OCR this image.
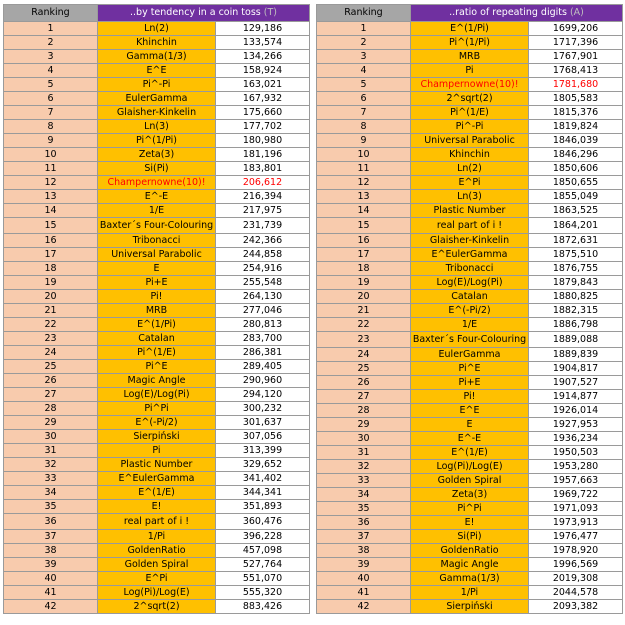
Ranking	..by tendency in a coin toss (T)	
1	Ln(2)	129,186
2	Khinchin	133,574
3	Gamma(1/3)	134,266
4	E^E	158,924
5	Pi^-Pi	163,021
6	EulerGamma	167,932
7	Glaisher-Kinkelin	175,660
8	Ln(3)	177,702
9	Pi^(1/Pi)	180,980
10	Zeta(3)	181,196
11	Si(Pi)	183,801
12	Champernowne(10)!	206,612
13	E^-E	216,394
14	1/E	217,975
15	Baxter´s Four-Colouring	231,739
16	Tribonacci	242,366
17	Universal Parabolic	244,858
18	E	254,916
19	Pi+E	255,548
20	Pi!	264,130
21	MRB	277,046
22	E^(1/Pi)	280,813
23	Catalan	283,700
24	Pi^(1/E)	286,381
25	Pi^E	289,405
26	Magic Angle	290,960
27	Log(E)/Log(Pi)	294,120
28	Pi^Pi	300,232
29	E^(-Pi/2)	301,637
30	Sierpiński	307,056
31	Pi	313,399
32	Plastic Number	329,652
33	E^EulerGamma	341,402
34	E^(1/E)	344,341
35	E!	351,893
36	real part of i !	360,476
37	1/Pi	396,228
38	GoldenRatio	457,098
39	Golden Spiral	527,764
40	E^Pi	551,070
41	Log(Pi)/Log(E)	555,320
42	2^sqrt(2)	883,426
Ranking	..ratio of repeating digits (A)	
1	E^(1/Pi)	1699,206
2	Pi^(1/Pi)	1717,396
3	MRB	1767,901
4	Pi	1768,413
5	Champernowne(10)!	1781,680
6	2^sqrt(2)	1805,583
7	Pi^(1/E)	1815,376
8	Pi^-Pi	1819,824
9	Universal Parabolic	1846,039
10	Khinchin	1846,296
11	Ln(2)	1850,606
12	E^Pi	1850,655
13	Ln(3)	1855,049
14	Plastic Number	1863,525
15	real part of i !	1864,201
16	Glaisher-Kinkelin	1872,631
17	E^EulerGamma	1875,510
18	Tribonacci	1876,755
19	Log(E)/Log(Pi)	1879,843
20	Catalan	1880,825
21	E^(-Pi/2)	1882,315
22	1/E	1886,798
23	Baxter´s Four-Colouring	1889,088
24	EulerGamma	1889,839
25	Pi^E	1904,817
26	Pi+E	1907,527
27	Pi!	1914,877
28	E^E	1926,014
29	E	1927,953
30	E^-E	1936,234
31	E^(1/E)	1950,503
32	Log(Pi)/Log(E)	1953,280
33	Golden Spiral	1957,663
34	Zeta(3)	1969,722
35	Pi^Pi	1971,093
36	E!	1973,913
37	Si(Pi)	1976,477
38	GoldenRatio	1978,920
39	Magic Angle	1996,569
40	Gamma(1/3)	2019,308
41	1/Pi	2044,578
42	Sierpiński	2093,382
